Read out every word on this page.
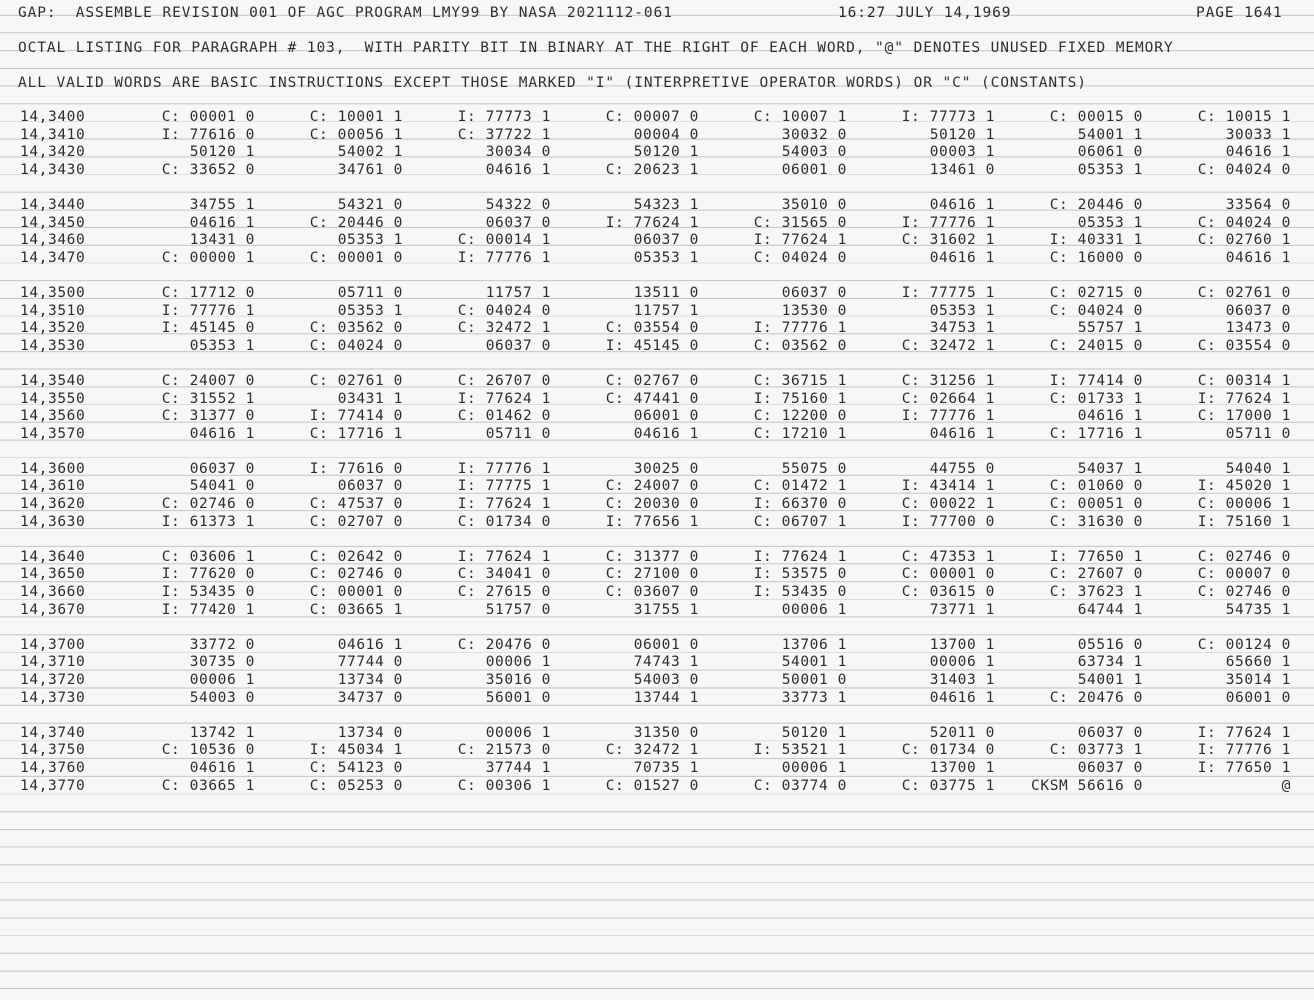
GAP:  ASSEMBLE REVISION 001 OF AGC PROGRAM LMY99 BY NASA 2021112-061	16:27 JULY 14,1969	PAGE 1641
OCTAL LISTING FOR PARAGRAPH # 103,  WITH PARITY BIT IN BINARY AT THE RIGHT OF EACH WORD, "@" DENOTES UNUSED FIXED MEMORY
ALL VALID WORDS ARE BASIC INSTRUCTIONS EXCEPT THOSE MARKED "I" (INTERPRETIVE OPERATOR WORDS) OR "C" (CONSTANTS)
14,3400	C: 00001 0	C: 10001 1	I: 77773 1	C: 00007 0	C: 10007 1	I: 77773 1	C: 00015 0	C: 10015 1
14,3410	I: 77616 0	C: 00056 1	C: 37722 1	00004 0	30032 0	50120 1	54001 1	30033 1
14,3420	50120 1	54002 1	30034 0	50120 1	54003 0	00003 1	06061 0	04616 1
14,3430	C: 33652 0	34761 0	04616 1	C: 20623 1	06001 0	13461 0	05353 1	C: 04024 0
14,3440	34755 1	54321 0	54322 0	54323 1	35010 0	04616 1	C: 20446 0	33564 0
14,3450	04616 1	C: 20446 0	06037 0	I: 77624 1	C: 31565 0	I: 77776 1	05353 1	C: 04024 0
14,3460	13431 0	05353 1	C: 00014 1	06037 0	I: 77624 1	C: 31602 1	I: 40331 1	C: 02760 1
14,3470	C: 00000 1	C: 00001 0	I: 77776 1	05353 1	C: 04024 0	04616 1	C: 16000 0	04616 1
14,3500	C: 17712 0	05711 0	11757 1	13511 0	06037 0	I: 77775 1	C: 02715 0	C: 02761 0
14,3510	I: 77776 1	05353 1	C: 04024 0	11757 1	13530 0	05353 1	C: 04024 0	06037 0
14,3520	I: 45145 0	C: 03562 0	C: 32472 1	C: 03554 0	I: 77776 1	34753 1	55757 1	13473 0
14,3530	05353 1	C: 04024 0	06037 0	I: 45145 0	C: 03562 0	C: 32472 1	C: 24015 0	C: 03554 0
14,3540	C: 24007 0	C: 02761 0	C: 26707 0	C: 02767 0	C: 36715 1	C: 31256 1	I: 77414 0	C: 00314 1
14,3550	C: 31552 1	03431 1	I: 77624 1	C: 47441 0	I: 75160 1	C: 02664 1	C: 01733 1	I: 77624 1
14,3560	C: 31377 0	I: 77414 0	C: 01462 0	06001 0	C: 12200 0	I: 77776 1	04616 1	C: 17000 1
14,3570	04616 1	C: 17716 1	05711 0	04616 1	C: 17210 1	04616 1	C: 17716 1	05711 0
14,3600	06037 0	I: 77616 0	I: 77776 1	30025 0	55075 0	44755 0	54037 1	54040 1
14,3610	54041 0	06037 0	I: 77775 1	C: 24007 0	C: 01472 1	I: 43414 1	C: 01060 0	I: 45020 1
14,3620	C: 02746 0	C: 47537 0	I: 77624 1	C: 20030 0	I: 66370 0	C: 00022 1	C: 00051 0	C: 00006 1
14,3630	I: 61373 1	C: 02707 0	C: 01734 0	I: 77656 1	C: 06707 1	I: 77700 0	C: 31630 0	I: 75160 1
14,3640	C: 03606 1	C: 02642 0	I: 77624 1	C: 31377 0	I: 77624 1	C: 47353 1	I: 77650 1	C: 02746 0
14,3650	I: 77620 0	C: 02746 0	C: 34041 0	C: 27100 0	I: 53575 0	C: 00001 0	C: 27607 0	C: 00007 0
14,3660	I: 53435 0	C: 00001 0	C: 27615 0	C: 03607 0	I: 53435 0	C: 03615 0	C: 37623 1	C: 02746 0
14,3670	I: 77420 1	C: 03665 1	51757 0	31755 1	00006 1	73771 1	64744 1	54735 1
14,3700	33772 0	04616 1	C: 20476 0	06001 0	13706 1	13700 1	05516 0	C: 00124 0
14,3710	30735 0	77744 0	00006 1	74743 1	54001 1	00006 1	63734 1	65660 1
14,3720	00006 1	13734 0	35016 0	54003 0	50001 0	31403 1	54001 1	35014 1
14,3730	54003 0	34737 0	56001 0	13744 1	33773 1	04616 1	C: 20476 0	06001 0
14,3740	13742 1	13734 0	00006 1	31350 0	50120 1	52011 0	06037 0	I: 77624 1
14,3750	C: 10536 0	I: 45034 1	C: 21573 0	C: 32472 1	I: 53521 1	C: 01734 0	C: 03773 1	I: 77776 1
14,3760	04616 1	C: 54123 0	37744 1	70735 1	00006 1	13700 1	06037 0	I: 77650 1
14,3770	C: 03665 1	C: 05253 0	C: 00306 1	C: 01527 0	C: 03774 0	C: 03775 1	CKSM 56616 0	@
